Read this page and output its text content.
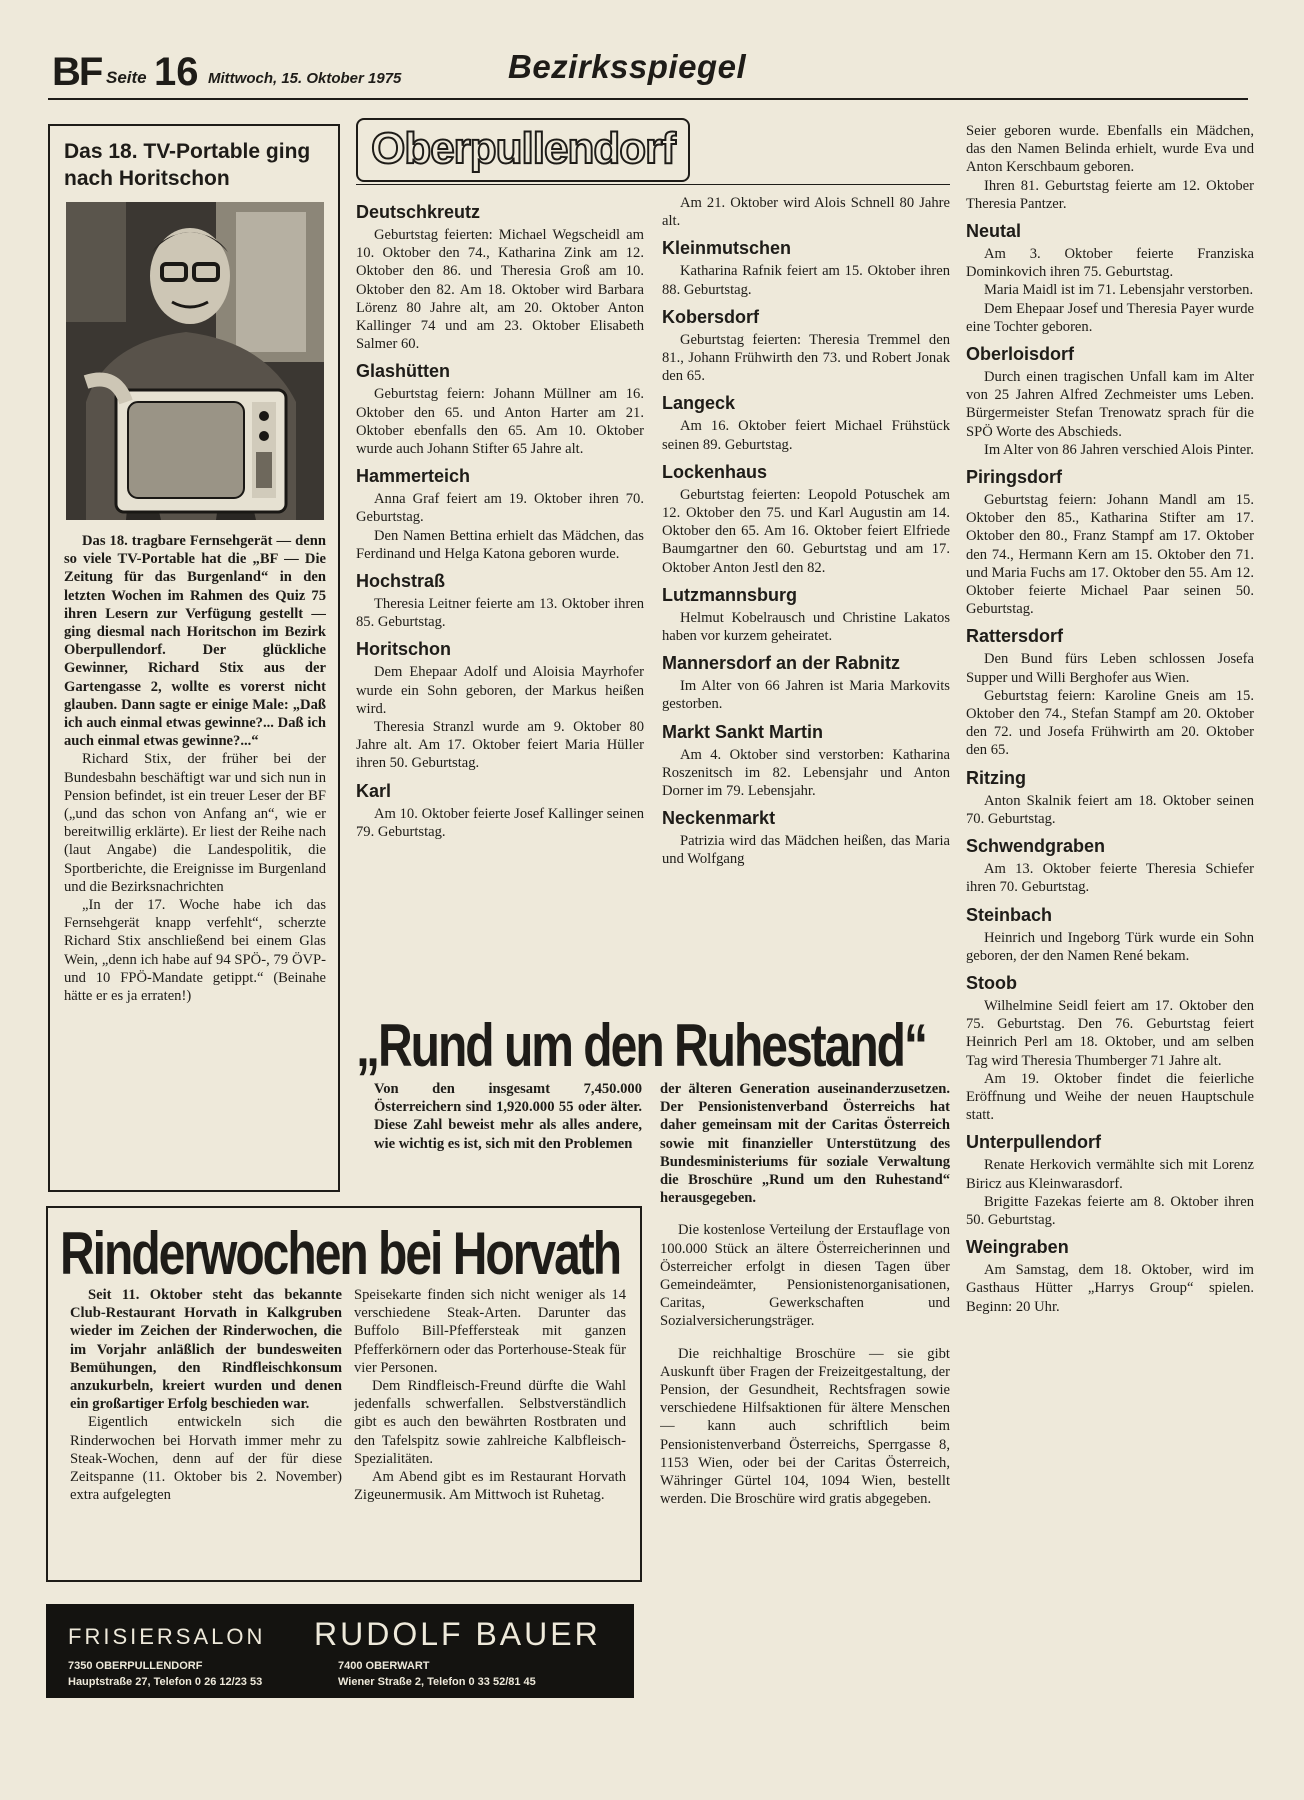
BF Seite 16 Mittwoch, 15. Oktober 1975	Bezirksspiegel

Das 18. TV-Portable ging nach Horitschon

Das 18. tragbare Fernsehgerät — denn so viele TV-Portable hat die „BF — Die Zeitung für das Burgenland“ in den letzten Wochen im Rahmen des Quiz 75 ihren Lesern zur Verfügung gestellt — ging diesmal nach Horitschon im Bezirk Oberpullendorf. Der glückliche Gewinner, Richard Stix aus der Gartengasse 2, wollte es vorerst nicht glauben. Dann sagte er einige Male: „Daß ich auch einmal etwas gewinne?... Daß ich auch einmal etwas gewinne?...“

Richard Stix, der früher bei der Bundesbahn beschäftigt war und sich nun in Pension befindet, ist ein treuer Leser der BF („und das schon von Anfang an“, wie er bereitwillig erklärte). Er liest der Reihe nach (laut Angabe) die Landespolitik, die Sportberichte, die Ereignisse im Burgenland und die Bezirksnachrichten

„In der 17. Woche habe ich das Fernsehgerät knapp verfehlt“, scherzte Richard Stix anschließend bei einem Glas Wein, „denn ich habe auf 94 SPÖ-, 79 ÖVP- und 10 FPÖ-Mandate getippt.“ (Beinahe hätte er es ja erraten!)

Oberpullendorf
Deutschkreutz

Geburtstag feierten: Michael Wegscheidl am 10. Oktober den 74., Katharina Zink am 12. Oktober den 86. und Theresia Groß am 10. Oktober den 82. Am 18. Oktober wird Barbara Lörenz 80 Jahre alt, am 20. Oktober Anton Kallinger 74 und am 23. Oktober Elisabeth Salmer 60.

Glashütten

Geburtstag feiern: Johann Müllner am 16. Oktober den 65. und Anton Harter am 21. Oktober ebenfalls den 65. Am 10. Oktober wurde auch Johann Stifter 65 Jahre alt.

Hammerteich

Anna Graf feiert am 19. Oktober ihren 70. Geburtstag.

Den Namen Bettina erhielt das Mädchen, das Ferdinand und Helga Katona geboren wurde.

Hochstraß

Theresia Leitner feierte am 13. Oktober ihren 85. Geburtstag.

Horitschon

Dem Ehepaar Adolf und Aloisia Mayrhofer wurde ein Sohn geboren, der Markus heißen wird.

Theresia Stranzl wurde am 9. Oktober 80 Jahre alt. Am 17. Oktober feiert Maria Hüller ihren 50. Geburtstag.

Karl

Am 10. Oktober feierte Josef Kallinger seinen 79. Geburtstag.

Am 21. Oktober wird Alois Schnell 80 Jahre alt.

Kleinmutschen

Katharina Rafnik feiert am 15. Oktober ihren 88. Geburtstag.

Kobersdorf

Geburtstag feierten: Theresia Tremmel den 81., Johann Frühwirth den 73. und Robert Jonak den 65.

Langeck

Am 16. Oktober feiert Michael Frühstück seinen 89. Geburtstag.

Lockenhaus

Geburtstag feierten: Leopold Potuschek am 12. Oktober den 75. und Karl Augustin am 14. Oktober den 65. Am 16. Oktober feiert Elfriede Baumgartner den 60. Geburtstag und am 17. Oktober Anton Jestl den 82.

Lutzmannsburg

Helmut Kobelrausch und Christine Lakatos haben vor kurzem geheiratet.

Mannersdorf an der Rabnitz

Im Alter von 66 Jahren ist Maria Markovits gestorben.

Markt Sankt Martin

Am 4. Oktober sind verstorben: Katharina Roszenitsch im 82. Lebensjahr und Anton Dorner im 79. Lebensjahr.

Neckenmarkt

Patrizia wird das Mädchen heißen, das Maria und Wolfgang

Seier geboren wurde. Ebenfalls ein Mädchen, das den Namen Belinda erhielt, wurde Eva und Anton Kerschbaum geboren.

Ihren 81. Geburtstag feierte am 12. Oktober Theresia Pantzer.

Neutal

Am 3. Oktober feierte Franziska Dominkovich ihren 75. Geburtstag.

Maria Maidl ist im 71. Lebensjahr verstorben.

Dem Ehepaar Josef und Theresia Payer wurde eine Tochter geboren.

Oberloisdorf

Durch einen tragischen Unfall kam im Alter von 25 Jahren Alfred Zechmeister ums Leben. Bürgermeister Stefan Trenowatz sprach für die SPÖ Worte des Abschieds.

Im Alter von 86 Jahren verschied Alois Pinter.

Piringsdorf

Geburtstag feiern: Johann Mandl am 15. Oktober den 85., Katharina Stifter am 17. Oktober den 80., Franz Stampf am 17. Oktober den 74., Hermann Kern am 15. Oktober den 71. und Maria Fuchs am 17. Oktober den 55. Am 12. Oktober feierte Michael Paar seinen 50. Geburtstag.

Rattersdorf

Den Bund fürs Leben schlossen Josefa Supper und Willi Berghofer aus Wien.

Geburtstag feiern: Karoline Gneis am 15. Oktober den 74., Stefan Stampf am 20. Oktober den 72. und Josefa Frühwirth am 20. Oktober den 65.

Ritzing

Anton Skalnik feiert am 18. Oktober seinen 70. Geburtstag.

Schwendgraben

Am 13. Oktober feierte Theresia Schiefer ihren 70. Geburtstag.

Steinbach

Heinrich und Ingeborg Türk wurde ein Sohn geboren, der den Namen René bekam.

Stoob

Wilhelmine Seidl feiert am 17. Oktober den 75. Geburtstag. Den 76. Geburtstag feiert Heinrich Perl am 18. Oktober, und am selben Tag wird Theresia Thumberger 71 Jahre alt.

Am 19. Oktober findet die feierliche Eröffnung und Weihe der neuen Hauptschule statt.

Unterpullendorf

Renate Herkovich vermählte sich mit Lorenz Biricz aus Kleinwarasdorf.

Brigitte Fazekas feierte am 8. Oktober ihren 50. Geburtstag.

Weingraben

Am Samstag, dem 18. Oktober, wird im Gasthaus Hütter „Harrys Group“ spielen. Beginn: 20 Uhr.

„Rund um den Ruhestand“

Von den insgesamt 7,450.000 Österreichern sind 1,920.000 55 oder älter. Diese Zahl beweist mehr als alles andere, wie wichtig es ist, sich mit den Problemen

der älteren Generation auseinanderzusetzen. Der Pensionistenverband Österreichs hat daher gemeinsam mit der Caritas Österreich sowie mit finanzieller Unterstützung des Bundesministeriums für soziale Verwaltung die Broschüre „Rund um den Ruhestand“ herausgegeben.

Die kostenlose Verteilung der Erstauflage von 100.000 Stück an ältere Österreicherinnen und Österreicher erfolgt in diesen Tagen über Gemeindeämter, Pensionistenorganisationen, Caritas, Gewerkschaften und Sozialversicherungsträger.

Die reichhaltige Broschüre — sie gibt Auskunft über Fragen der Freizeitgestaltung, der Pension, der Gesundheit, Rechtsfragen sowie verschiedene Hilfsaktionen für ältere Menschen — kann auch schriftlich beim Pensionistenverband Österreichs, Sperrgasse 8, 1153 Wien, oder bei der Caritas Österreich, Währinger Gürtel 104, 1094 Wien, bestellt werden. Die Broschüre wird gratis abgegeben.

Rinderwochen bei Horvath

Seit 11. Oktober steht das bekannte Club-Restaurant Horvath in Kalkgruben wieder im Zeichen der Rinderwochen, die im Vorjahr anläßlich der bundesweiten Bemühungen, den Rindfleischkonsum anzukurbeln, kreiert wurden und denen ein großartiger Erfolg beschieden war.

Eigentlich entwickeln sich die Rinderwochen bei Horvath immer mehr zu Steak-Wochen, denn auf der für diese Zeitspanne (11. Oktober bis 2. November) extra aufgelegten

Speisekarte finden sich nicht weniger als 14 verschiedene Steak-Arten. Darunter das Buffolo Bill-Pfeffersteak mit ganzen Pfefferkörnern oder das Porterhouse-Steak für vier Personen.

Dem Rindfleisch-Freund dürfte die Wahl jedenfalls schwerfallen. Selbstverständlich gibt es auch den bewährten Rostbraten und den Tafelspitz sowie zahlreiche Kalbfleisch-Spezialitäten.

Am Abend gibt es im Restaurant Horvath Zigeunermusik. Am Mittwoch ist Ruhetag.

FRISIERSALON RUDOLF BAUER
7350 OBERPULLENDORF
Hauptstraße 27, Telefon 0 26 12/23 53
7400 OBERWART
Wiener Straße 2, Telefon 0 33 52/81 45
